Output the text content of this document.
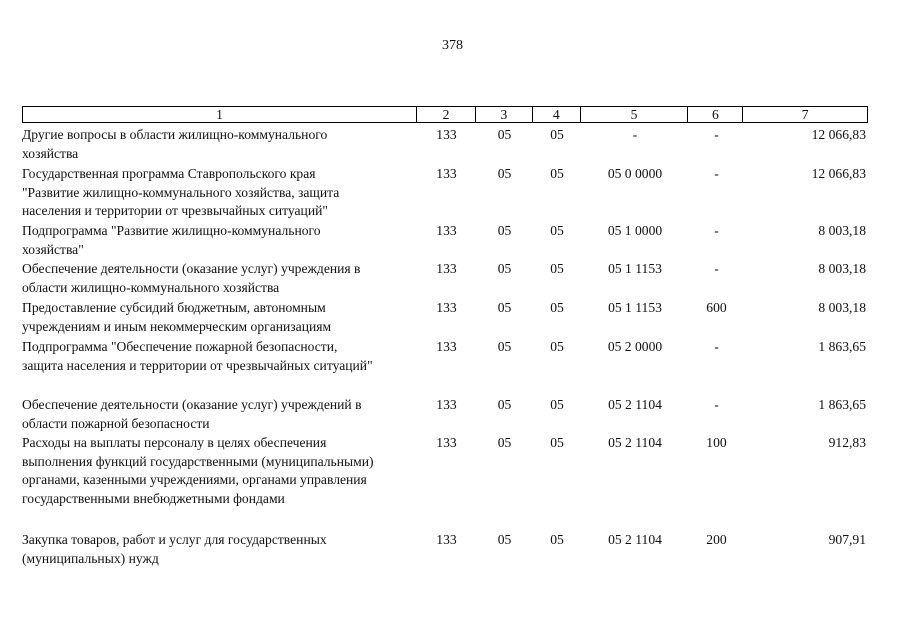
378
1	2	3	4	5	6	7
Другие вопросы в области жилищно-коммунального
хозяйства
133	05	05	-	-	12 066,83
Государственная программа Ставропольского края
"Развитие жилищно-коммунального хозяйства, защита
населения и территории от чрезвычайных ситуаций"
133	05	05	05 0 0000	-	12 066,83
Подпрограмма "Развитие жилищно-коммунального
хозяйства"
133	05	05	05 1 0000	-	8 003,18
Обеспечение деятельности (оказание услуг) учреждения в
области жилищно-коммунального хозяйства
133	05	05	05 1 1153	-	8 003,18
Предоставление субсидий бюджетным, автономным
учреждениям и иным некоммерческим организациям
133	05	05	05 1 1153	600	8 003,18
Подпрограмма "Обеспечение пожарной безопасности,
защита населения и территории от чрезвычайных ситуаций"
133	05	05	05 2 0000	-	1 863,65
Обеспечение деятельности (оказание услуг) учреждений в
области пожарной безопасности
133	05	05	05 2 1104	-	1 863,65
Расходы на выплаты персоналу в целях обеспечения
выполнения функций государственными (муниципальными)
органами, казенными учреждениями, органами управления
государственными внебюджетными фондами
133	05	05	05 2 1104	100	912,83
Закупка товаров, работ и услуг для государственных
(муниципальных) нужд
133	05	05	05 2 1104	200	907,91
